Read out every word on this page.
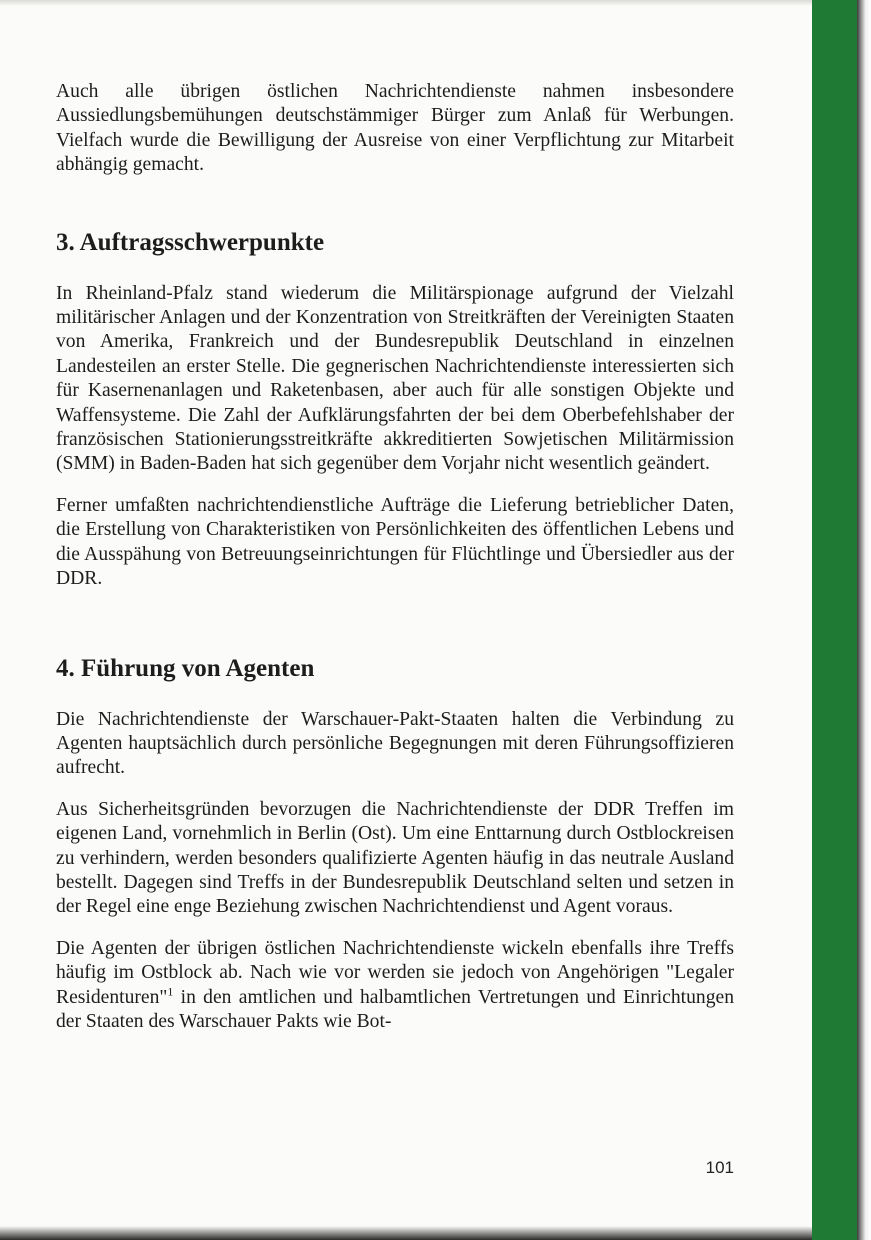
Auch alle übrigen östlichen Nachrichtendienste nahmen insbesondere Aussiedlungsbemühungen deutschstämmiger Bürger zum Anlaß für Werbungen. Vielfach wurde die Bewilligung der Ausreise von einer Verpflichtung zur Mitarbeit abhängig gemacht.

3. Auftragsschwerpunkte

In Rheinland-Pfalz stand wiederum die Militärspionage aufgrund der Vielzahl militärischer Anlagen und der Konzentration von Streitkräften der Vereinigten Staaten von Amerika, Frankreich und der Bundesrepublik Deutschland in einzelnen Landesteilen an erster Stelle. Die gegnerischen Nachrichtendienste interessierten sich für Kasernenanlagen und Raketenbasen, aber auch für alle sonstigen Objekte und Waffensysteme. Die Zahl der Aufklärungsfahrten der bei dem Oberbefehlshaber der französischen Stationierungsstreitkräfte akkreditierten Sowjetischen Militärmission (SMM) in Baden-Baden hat sich gegenüber dem Vorjahr nicht wesentlich geändert.

Ferner umfaßten nachrichtendienstliche Aufträge die Lieferung betrieblicher Daten, die Erstellung von Charakteristiken von Persönlichkeiten des öffentlichen Lebens und die Ausspähung von Betreuungseinrichtungen für Flüchtlinge und Übersiedler aus der DDR.

4. Führung von Agenten

Die Nachrichtendienste der Warschauer-Pakt-Staaten halten die Verbindung zu Agenten hauptsächlich durch persönliche Begegnungen mit deren Führungsoffizieren aufrecht.

Aus Sicherheitsgründen bevorzugen die Nachrichtendienste der DDR Treffen im eigenen Land, vornehmlich in Berlin (Ost). Um eine Enttarnung durch Ostblockreisen zu verhindern, werden besonders qualifizierte Agenten häufig in das neutrale Ausland bestellt. Dagegen sind Treffs in der Bundesrepublik Deutschland selten und setzen in der Regel eine enge Beziehung zwischen Nachrichtendienst und Agent voraus.

Die Agenten der übrigen östlichen Nachrichtendienste wickeln ebenfalls ihre Treffs häufig im Ostblock ab. Nach wie vor werden sie jedoch von Angehörigen "Legaler Residenturen"$^1$ in den amtlichen und halbamtlichen Vertretungen und Einrichtungen der Staaten des Warschauer Pakts wie Bot-

101
